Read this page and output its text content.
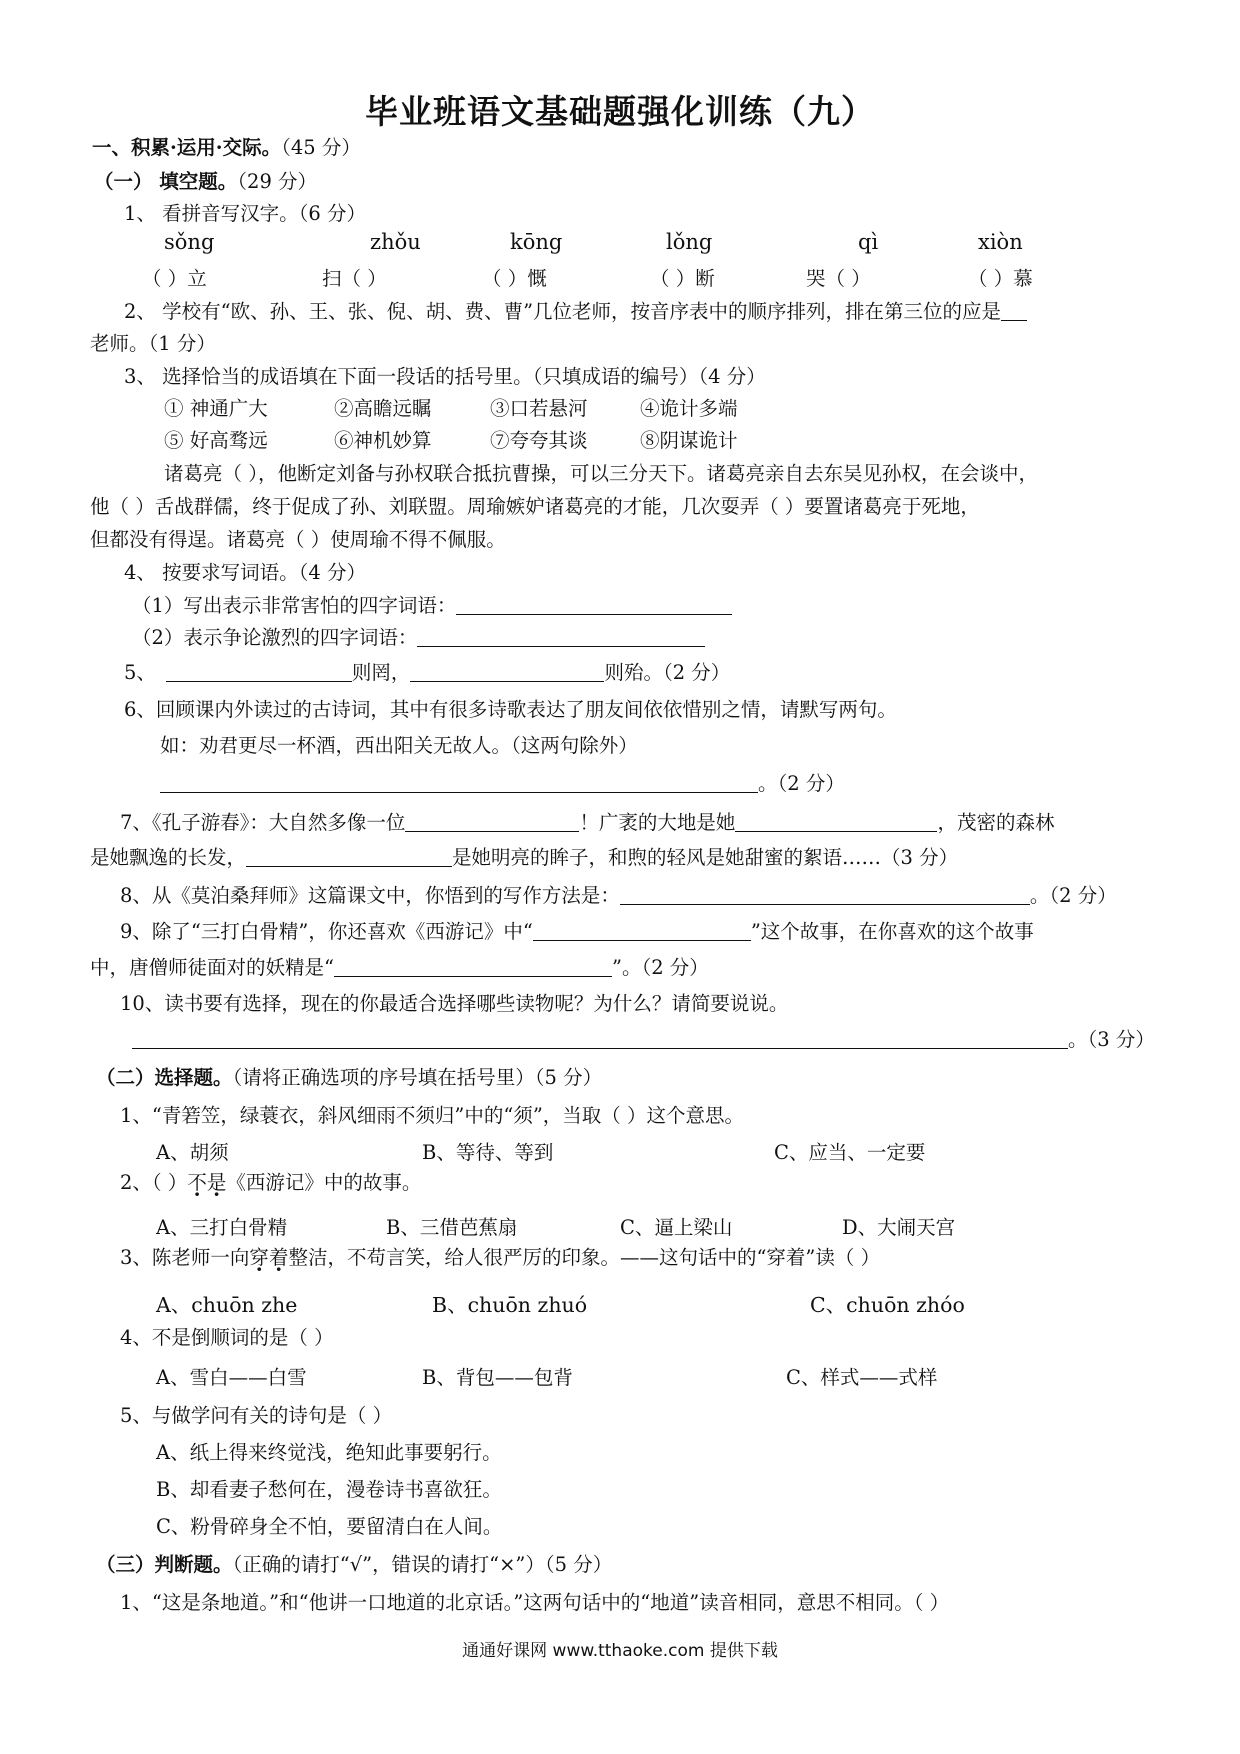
毕业班语文基础题强化训练（九）
一、积累·运用·交际。（45 分）
（一） 填空题。（29 分）
1、 看拼音写汉字。（6 分）
sǒng	zhǒu	kōng	lǒng	qì	xiòn
（ ）立	扫（ ）	（ ）慨	（ ）断	哭（ ）	（ ）慕
2、 学校有“欧、孙、王、张、倪、胡、费、曹”几位老师，按音序表中的顺序排列，排在第三位的应是
老师。（1 分）
3、 选择恰当的成语填在下面一段话的括号里。（只填成语的编号）（4 分）
① 神通广大	②高瞻远瞩	③口若悬河	④诡计多端
⑤ 好高骛远	⑥神机妙算	⑦夸夸其谈	⑧阴谋诡计
诸葛亮（ ），他断定刘备与孙权联合抵抗曹操，可以三分天下。诸葛亮亲自去东吴见孙权，在会谈中，
他（ ）舌战群儒，终于促成了孙、刘联盟。周瑜嫉妒诸葛亮的才能，几次耍弄（ ）要置诸葛亮于死地，
但都没有得逞。诸葛亮（ ）使周瑜不得不佩服。
4、 按要求写词语。（4 分）
（1）写出表示非常害怕的四字词语：
（2）表示争论激烈的四字词语：
5、	则罔，	则殆。（2 分）
6、回顾课内外读过的古诗词，其中有很多诗歌表达了朋友间依依惜别之情，请默写两句。
如：劝君更尽一杯酒，西出阳关无故人。（这两句除外）
。（2 分）
7、《孔子游春》：大自然多像一位	！广袤的大地是她	，茂密的森林
是她飘逸的长发，	是她明亮的眸子，和煦的轻风是她甜蜜的絮语……（3 分）
8、从《莫泊桑拜师》这篇课文中，你悟到的写作方法是：	。（2 分）
9、除了“三打白骨精”，你还喜欢《西游记》中“	”这个故事，在你喜欢的这个故事
中，唐僧师徒面对的妖精是“	”。（2 分）
10、读书要有选择，现在的你最适合选择哪些读物呢？为什么？请简要说说。
。（3 分）
（二）选择题。（请将正确选项的序号填在括号里）（5 分）
1、“青箬笠，绿蓑衣，斜风细雨不须归”中的“须”，当取（ ）这个意思。
A、胡须	B、等待、等到	C、应当、一定要
2、（ ）不是《西游记》中的故事。
A、三打白骨精	B、三借芭蕉扇	C、逼上梁山	D、大闹天宫
3、陈老师一向穿着整洁，不苟言笑，给人很严厉的印象。——这句话中的“穿着”读（ ）
A、chuōn zhe	B、chuōn zhuó	C、chuōn zhóo
4、不是倒顺词的是（ ）
A、雪白——白雪	B、背包——包背	C、样式——式样
5、与做学问有关的诗句是（ ）
A、纸上得来终觉浅，绝知此事要躬行。
B、却看妻子愁何在，漫卷诗书喜欲狂。
C、粉骨碎身全不怕，要留清白在人间。
（三）判断题。（正确的请打“√”，错误的请打“×”）（5 分）
1、“这是条地道。”和“他讲一口地道的北京话。”这两句话中的“地道”读音相同，意思不相同。（ ）
通通好课网 www.tthaoke.com 提供下载
